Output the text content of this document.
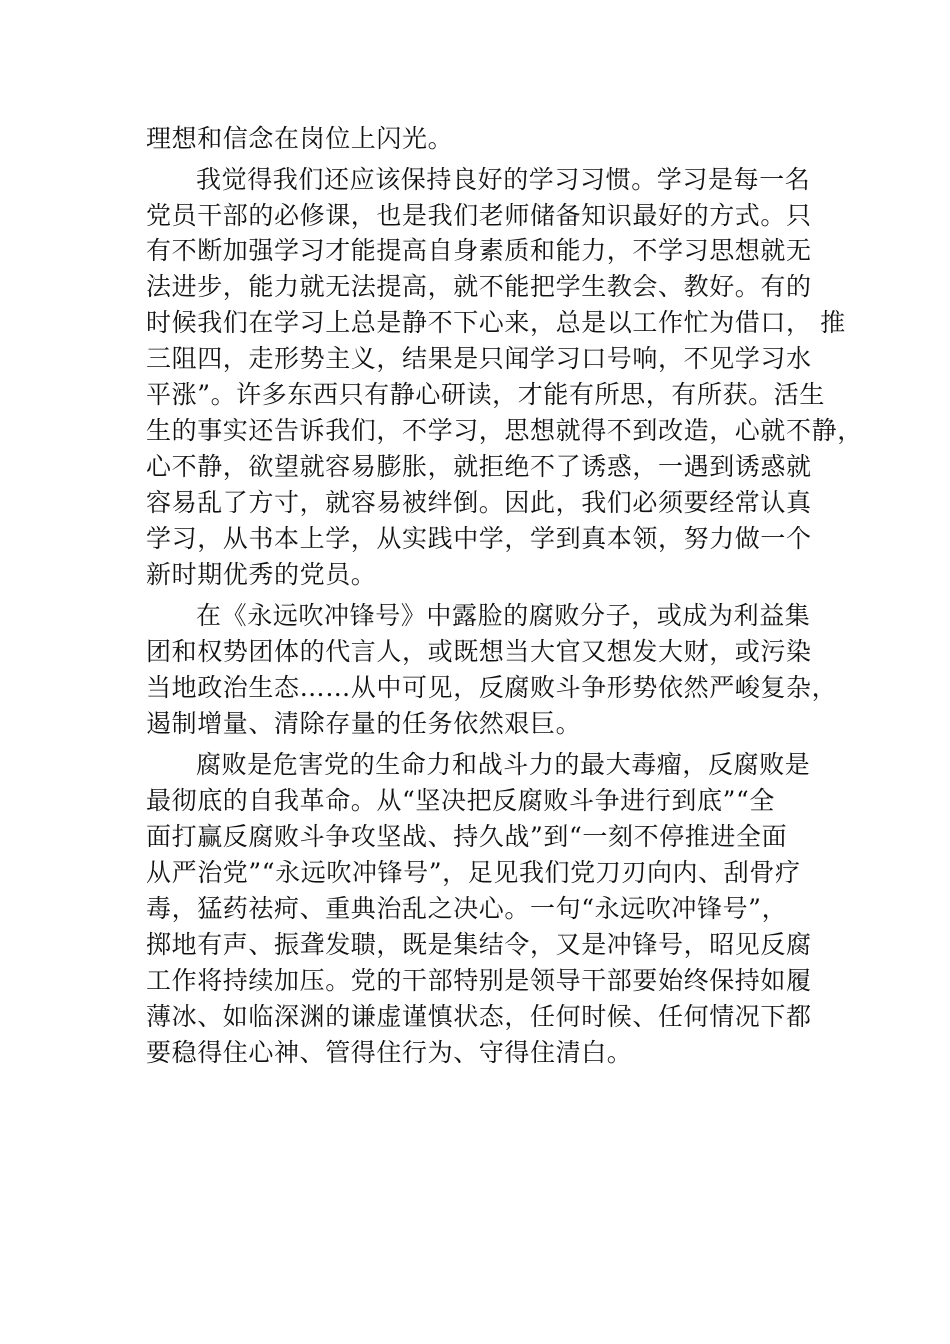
理想和信念在岗位上闪光。
我觉得我们还应该保持良好的学习习惯。学习是每一名
党员干部的必修课，也是我们老师储备知识最好的方式。只
有不断加强学习才能提高自身素质和能力，不学习思想就无
法进步，能力就无法提高，就不能把学生教会、教好。有的
时候我们在学习上总是静不下心来，总是以工作忙为借口， 推
三阻四，走形势主义，结果是只闻学习口号响，不见学习水
平涨”。许多东西只有静心研读，才能有所思，有所获。活生
生的事实还告诉我们，不学习，思想就得不到改造，心就不静，
心不静，欲望就容易膨胀，就拒绝不了诱惑，一遇到诱惑就
容易乱了方寸，就容易被绊倒。因此，我们必须要经常认真
学习，从书本上学，从实践中学，学到真本领，努力做一个
新时期优秀的党员。
在《永远吹冲锋号》中露脸的腐败分子，或成为利益集
团和权势团体的代言人，或既想当大官又想发大财，或污染
当地政治生态……从中可见，反腐败斗争形势依然严峻复杂，
遏制增量、清除存量的任务依然艰巨。
腐败是危害党的生命力和战斗力的最大毒瘤，反腐败是
最彻底的自我革命。从“坚决把反腐败斗争进行到底”“全
面打赢反腐败斗争攻坚战、持久战”到“一刻不停推进全面
从严治党”“永远吹冲锋号”，足见我们党刀刃向内、刮骨疗
毒，猛药祛疴、重典治乱之决心。一句“永远吹冲锋号”，
掷地有声、振聋发聩，既是集结令，又是冲锋号，昭见反腐
工作将持续加压。党的干部特别是领导干部要始终保持如履
薄冰、如临深渊的谦虚谨慎状态，任何时候、任何情况下都
要稳得住心神、管得住行为、守得住清白。
